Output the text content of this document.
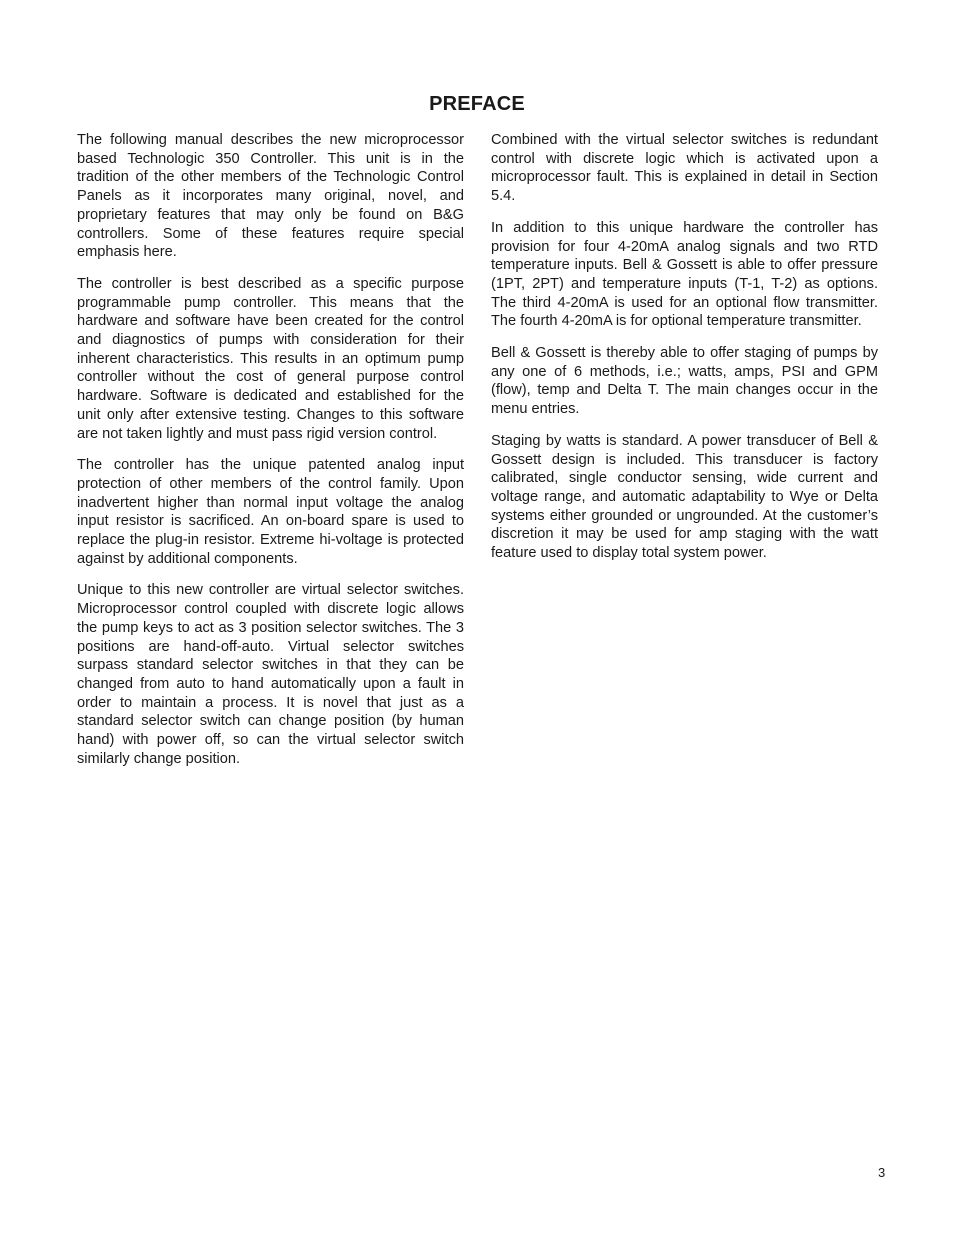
PREFACE

The following manual describes the new microprocessor based Technologic 350 Controller. This unit is in the tradition of the other members of the Technologic Control Panels as it incorporates many original, novel, and proprietary features that may only be found on B&G controllers. Some of these features require special emphasis here.

The controller is best described as a specific purpose programmable pump controller. This means that the hardware and software have been created for the control and diagnostics of pumps with consideration for their inherent characteristics. This results in an optimum pump controller without the cost of general purpose control hardware. Software is dedicated and established for the unit only after extensive testing. Changes to this software are not taken lightly and must pass rigid version control.

The controller has the unique patented analog input protection of other members of the control family. Upon inadvertent higher than normal input voltage the analog input resistor is sacrificed. An on-board spare is used to replace the plug-in resistor. Extreme hi-voltage is protected against by additional components.

Unique to this new controller are virtual selector switches. Microprocessor control coupled with discrete logic allows the pump keys to act as 3 position selector switches. The 3 positions are hand-off-auto. Virtual selector switches surpass standard selector switches in that they can be changed from auto to hand automatically upon a fault in order to maintain a process. It is novel that just as a standard selector switch can change position (by human hand) with power off, so can the virtual selector switch similarly change position.

Combined with the virtual selector switches is redundant control with discrete logic which is activated upon a microprocessor fault. This is explained in detail in Section 5.4.

In addition to this unique hardware the controller has provision for four 4-20mA analog signals and two RTD temperature inputs. Bell & Gossett is able to offer pressure (1PT, 2PT) and temperature inputs (T-1, T-2) as options. The third 4-20mA is used for an optional flow transmitter. The fourth 4-20mA is for optional temperature transmitter.

Bell & Gossett is thereby able to offer staging of pumps by any one of 6 methods, i.e.; watts, amps, PSI and GPM (flow), temp and Delta T. The main changes occur in the menu entries.

Staging by watts is standard. A power transducer of Bell & Gossett design is included. This transducer is factory calibrated, single conductor sensing, wide current and voltage range, and automatic adaptability to Wye or Delta systems either grounded or ungrounded. At the customer’s discretion it may be used for amp staging with the watt feature used to display total system power.

3
